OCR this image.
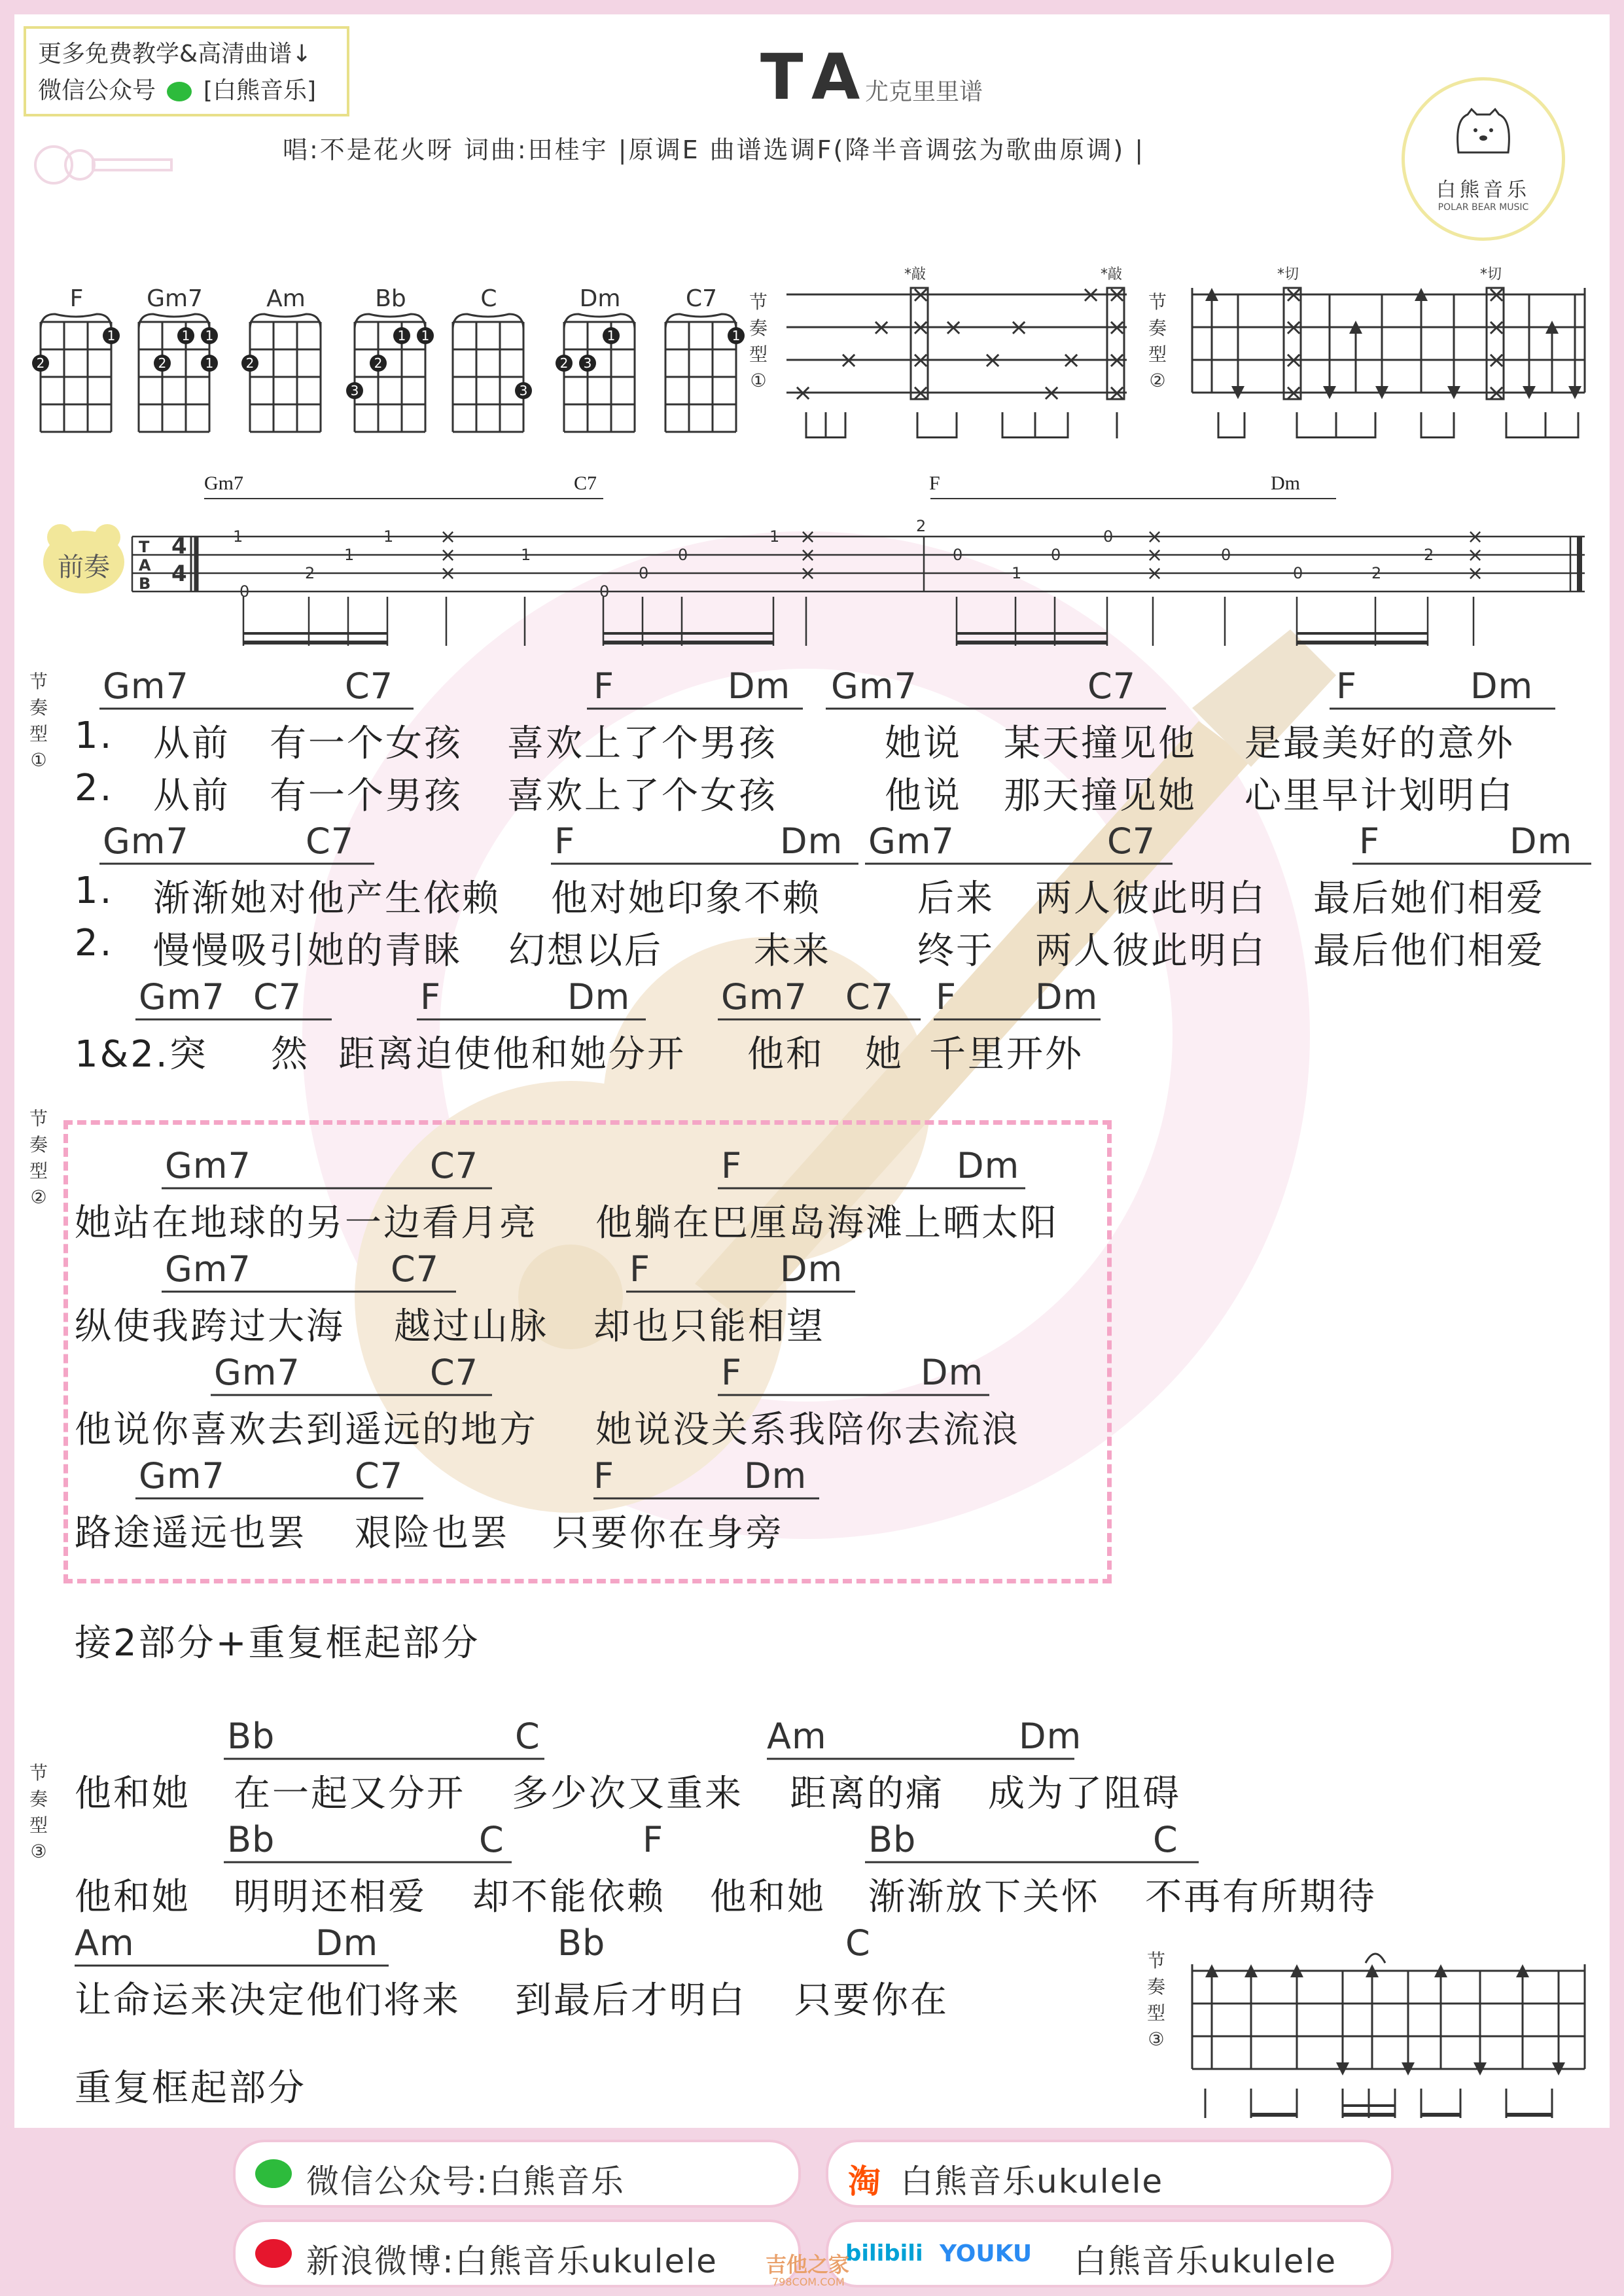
更多免费教学&高清曲谱↓
微信公众号 [白熊音乐]	TA
尤克里里谱
唱:不是花火呀 词曲:田桂宇 |原调E 曲谱选调F(降半音调弦为歌曲原调) |
白熊音乐
POLAR BEAR MUSIC
F
1
2
Gm7
1 1
2	1
Am
2
Bb
1 1
2
3
C
3
Dm
1
2 3
C7
1
节
奏
型
① ×
×
×
×
×
×
×
×
×
×
×
×
× ×
×
×
×
*敲	*敲
节
奏
型
②
×
×
×
×
×
×
×
×
*切	*切
前奏
Gm7	C7	F	Dm
T
A
B
4
4
2
1
0
2
1
1
1
0
0
0
1
0
1
0
0
0
0	2
2
×
×
×
×
×
×
×
×
×
×
×
×
节
奏
型
①
Gm7	C7	F	Dm Gm7	C7	F	Dm
1. 从前 有一个女孩 喜欢上了个男孩	她说 某天撞见他 是最美好的意外
2. 从前 有一个男孩 喜欢上了个女孩	他说 那天撞见她 心里早计划明白
Gm7	C7	F	Dm Gm7	C7	F	Dm
1. 渐渐她对他产生依赖 他对她印象不赖	后来 两人彼此明白 最后她们相爱
2. 慢慢吸引她的青睐 幻想以后 未来 终于 两人彼此明白 最后他们相爱
Gm7 C7	F	Dm	Gm7 C7 F Dm
1&2.突 然 距离迫使他和她分开 他和 她 千里开外
节
奏
型
②
Gm7	C7	F	Dm
她站在地球的另一边看月亮 他躺在巴厘岛海滩上晒太阳
Gm7	C7	F	Dm
纵使我跨过大海 越过山脉 却也只能相望
Gm7	C7	F	Dm
他说你喜欢去到遥远的地方 她说没关系我陪你去流浪
Gm7	C7	F	Dm
路途遥远也罢 艰险也罢 只要你在身旁
接2部分+重复框起部分
节
奏
型
③
Bb	C	Am	Dm
他和她 在一起又分开 多少次又重来 距离的痛 成为了阻碍
Bb	C	F	Bb	C
他和她 明明还相爱 却不能依赖 他和她 渐渐放下关怀 不再有所期待
Am	Dm	Bb	C
让命运来决定他们将来 到最后才明白 只要你在
重复框起部分
节
奏
型
③
微信公众号:白熊音乐	淘 白熊音乐ukulele
新浪微博:白熊音乐ukulele	bilibili YOUKU 白熊音乐ukulele
吉他之家
798COM.COM
